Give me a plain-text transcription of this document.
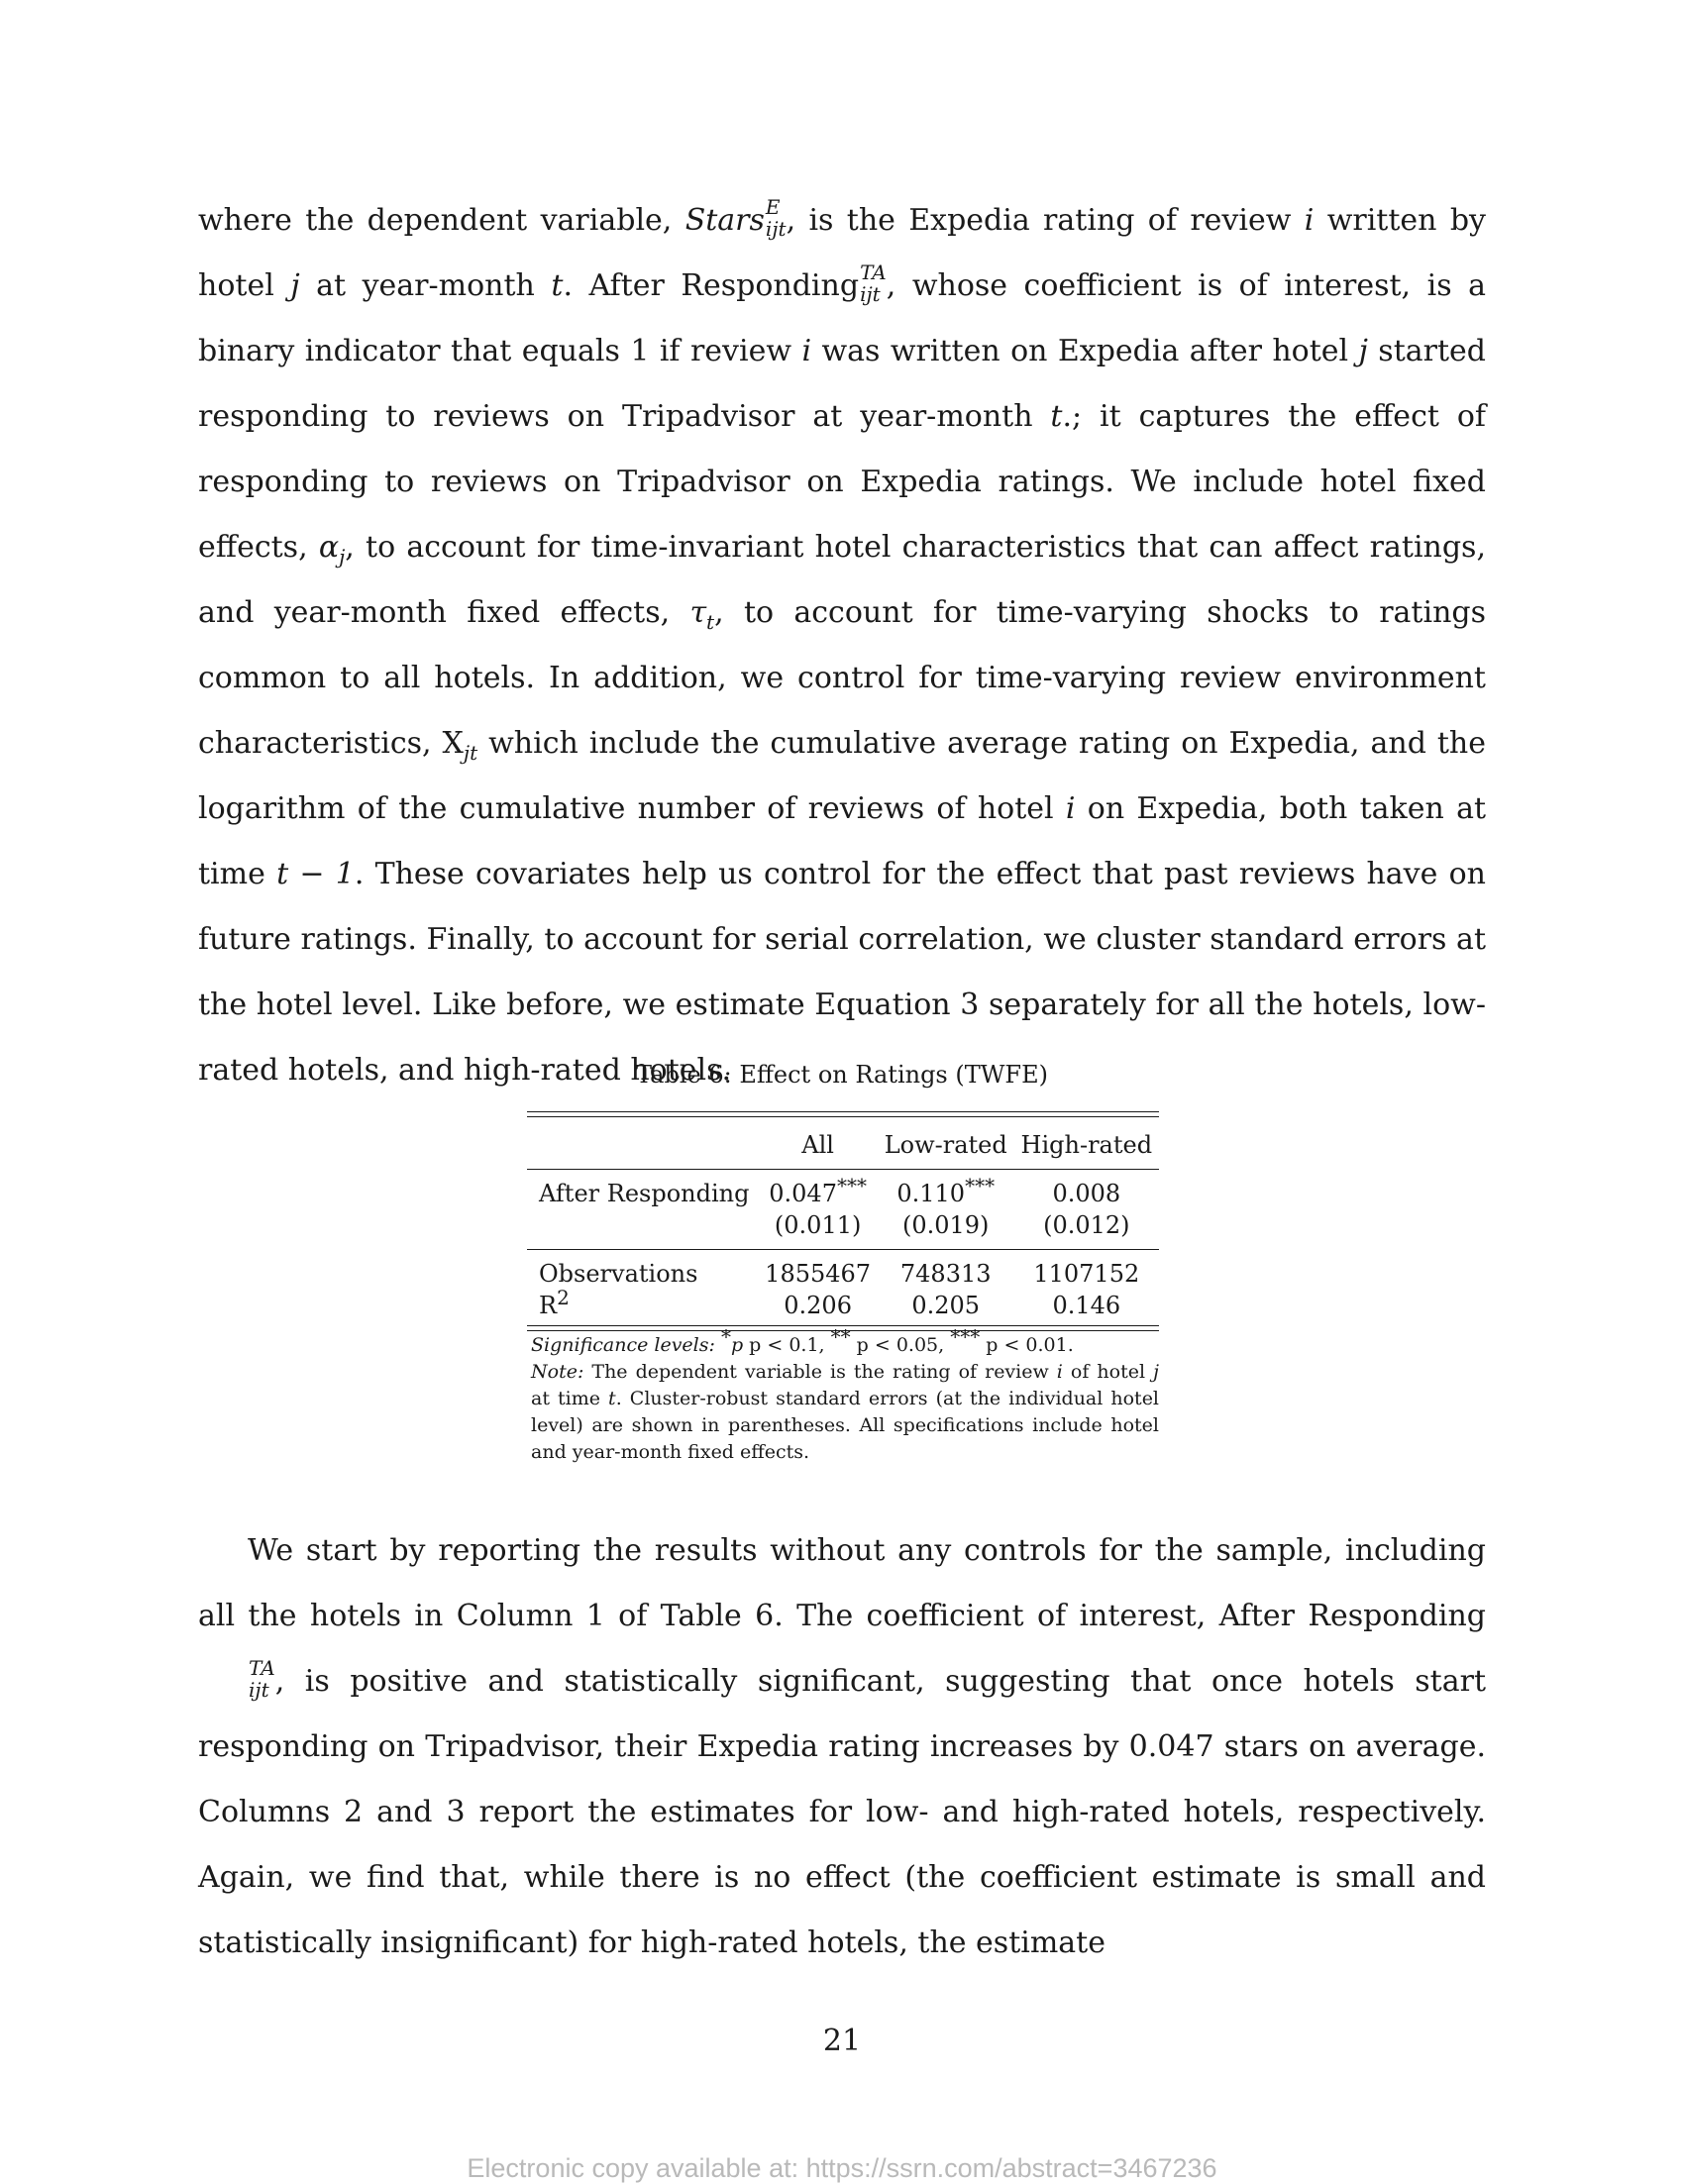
where the dependent variable, Stars E
ijt , is the Expedia rating of review i written by hotel j at year-month t. After Responding TA
ijt , whose coefficient is of interest, is a binary indicator that equals 1 if review i was written on Expedia after hotel j started responding to reviews on Tripadvisor at year-month t.; it captures the effect of responding to reviews on Tripadvisor on Expedia ratings. We include hotel fixed effects, $\alpha_j$, to account for time-invariant hotel characteristics that can affect ratings, and year-month fixed effects, $\tau_t$, to account for time-varying shocks to ratings common to all hotels. In addition, we control for time-varying review environment characteristics, $X_{jt}$ which include the cumulative average rating on Expedia, and the logarithm of the cumulative number of reviews of hotel i on Expedia, both taken at time t − 1. These covariates help us control for the effect that past reviews have on future ratings. Finally, to account for serial correlation, we cluster standard errors at the hotel level. Like before, we estimate Equation 3 separately for all the hotels, low-rated hotels, and high-rated hotels.

Table 6: Effect on Ratings (TWFE)
	All	Low-rated	High-rated

After Responding	0.047***	0.110***	0.008
	(0.011)	(0.019)	(0.012)

Observations	1855467	748313	1107152
$R^2$	0.206	0.205	0.146
Significance levels: *p p < 0.1, ** p < 0.05, *** p < 0.01.
Note: The dependent variable is the rating of review i of hotel j at time t. Cluster-robust standard errors (at the individual hotel level) are shown in parentheses. All specifications include hotel and year-month fixed effects.

We start by reporting the results without any controls for the sample, including all the hotels in Column 1 of Table 6. The coefficient of interest, After Responding
TA
ijt , is positive and statistically significant, suggesting that once hotels start responding on Tripadvisor, their Expedia rating increases by 0.047 stars on average. Columns 2 and 3 report the estimates for low- and high-rated hotels, respectively. Again, we find that, while there is no effect (the coefficient estimate is small and statistically insignificant) for high-rated hotels, the estimate

21
Electronic copy available at: https://ssrn.com/abstract=3467236
